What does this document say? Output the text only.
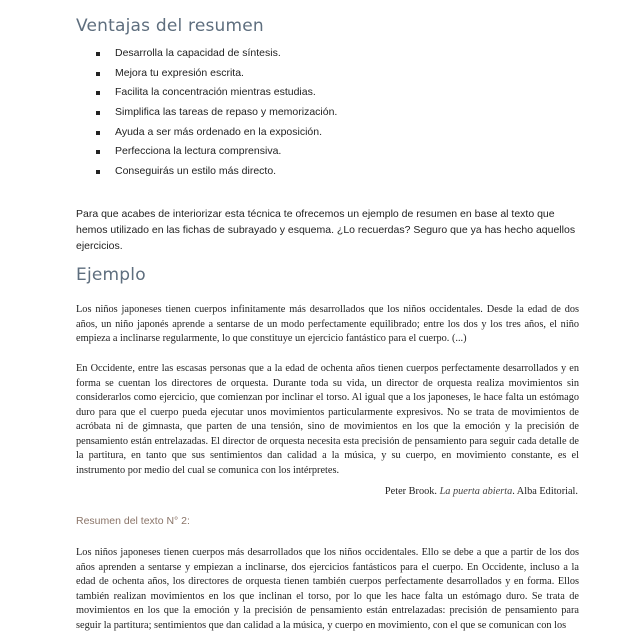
Ventajas del resumen
Desarrolla la capacidad de síntesis.
Mejora tu expresión escrita.
Facilita la concentración mientras estudias.
Simplifica las tareas de repaso y memorización.
Ayuda a ser más ordenado en la exposición.
Perfecciona la lectura comprensiva.
Conseguirás un estilo más directo.

Para que acabes de interiorizar esta técnica te ofrecemos un ejemplo de resumen en base al texto que hemos utilizado en las fichas de subrayado y esquema. ¿Lo recuerdas? Seguro que ya has hecho aquellos ejercicios.

Ejemplo

Los niños japoneses tienen cuerpos infinitamente más desarrollados que los niños occidentales. Desde la edad de dos años, un niño japonés aprende a sentarse de un modo perfectamente equilibrado; entre los dos y los tres años, el niño empieza a inclinarse regularmente, lo que constituye un ejercicio fantástico para el cuerpo. (...)

En Occidente, entre las escasas personas que a la edad de ochenta años tienen cuerpos perfectamente desarrollados y en forma se cuentan los directores de orquesta. Durante toda su vida, un director de orquesta realiza movimientos sin considerarlos como ejercicio, que comienzan por inclinar el torso. Al igual que a los japoneses, le hace falta un estómago duro para que el cuerpo pueda ejecutar unos movimientos particularmente expresivos. No se trata de movimientos de acróbata ni de gimnasta, que parten de una tensión, sino de movimientos en los que la emoción y la precisión de pensamiento están entrelazadas. El director de orquesta necesita esta precisión de pensamiento para seguir cada detalle de la partitura, en tanto que sus sentimientos dan calidad a la música, y su cuerpo, en movimiento constante, es el instrumento por medio del cual se comunica con los intérpretes.

Peter Brook. La puerta abierta. Alba Editorial.

Resumen del texto N° 2:

Los niños japoneses tienen cuerpos más desarrollados que los niños occidentales. Ello se debe a que a partir de los dos años aprenden a sentarse y empiezan a inclinarse, dos ejercicios fantásticos para el cuerpo. En Occidente, incluso a la edad de ochenta años, los directores de orquesta tienen también cuerpos perfectamente desarrollados y en forma. Ellos también realizan movimientos en los que inclinan el torso, por lo que les hace falta un estómago duro. Se trata de movimientos en los que la emoción y la precisión de pensamiento están entrelazadas: precisión de pensamiento para seguir la partitura; sentimientos que dan calidad a la música, y cuerpo en movimiento, con el que se comunican con los
